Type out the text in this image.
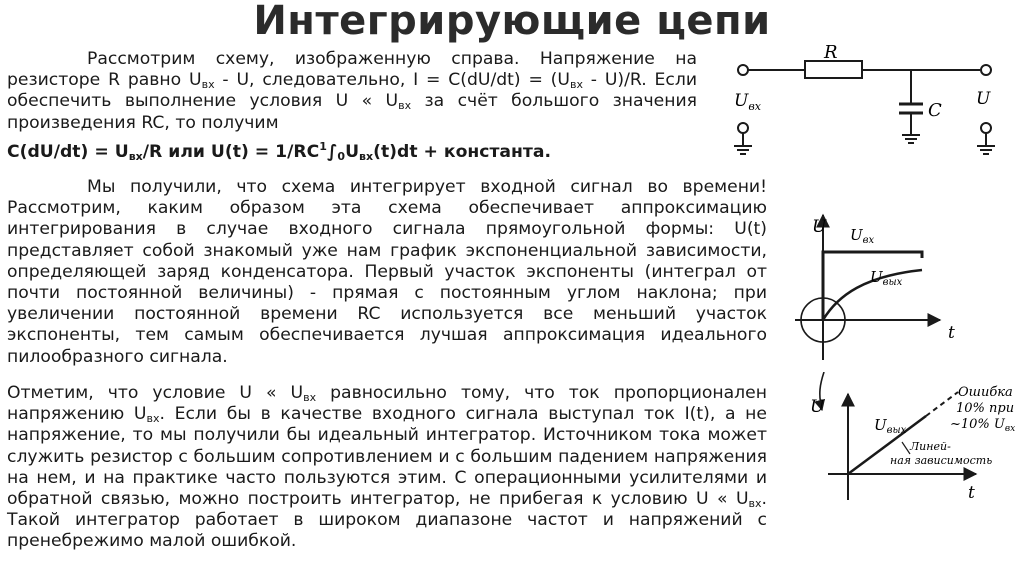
Интегрирующие цепи

Рассмотрим схему, изображенную справа. Напряжение на резисторе R равно $U_{вх}$ - U, следовательно, $I = C(dU/dt) = (U_{вх} - U)/R$. Если обеспечить выполнение условия U « $U_{вх}$ за счёт большого значения произведения RC, то получим

$C(dU/dt) = U_{вх}/R$ или $U(t) = 1/RC^1\int_0U_{вх}(t)dt$ + константа.

Мы получили, что схема интегрирует входной сигнал во времени! Рассмотрим, каким образом эта схема обеспечивает аппроксимацию интегрирования в случае входного сигнала прямоугольной формы: U(t) представляет собой знакомый уже нам график экспоненциальной зависимости, определяющей заряд конденсатора. Первый участок экспоненты (интеграл от почти постоянной величины) - прямая с постоянным углом наклона; при увеличении постоянной времени RC используется все меньший участок экспоненты, тем самым обеспечивается лучшая аппроксимация идеального пилообразного сигнала.

Отметим, что условие U « $U_{вх}$ равносильно тому, что ток пропорционален напряжению $U_{вх}$. Если бы в качестве входного сигнала выступал ток I(t), а не напряжение, то мы получили бы идеальный интегратор. Источником тока может служить резистор с большим сопротивлением и с большим падением напряжения на нем, и на практике часто пользуются этим. С операционными усилителями и обратной связью, можно построить интегратор, не прибегая к условию U « $U_{вх}$. Такой интегратор работает в широком диапазоне частот и напряжений с пренебрежимо малой ошибкой.

R
C
$U_{вх}$	U
U
t
$U_{вх}$
$U_{вых}$
U
t
$U_{вых}$
Ошибка
10% при
~10% $U_{вх}$
Линей-
ная зависимость
